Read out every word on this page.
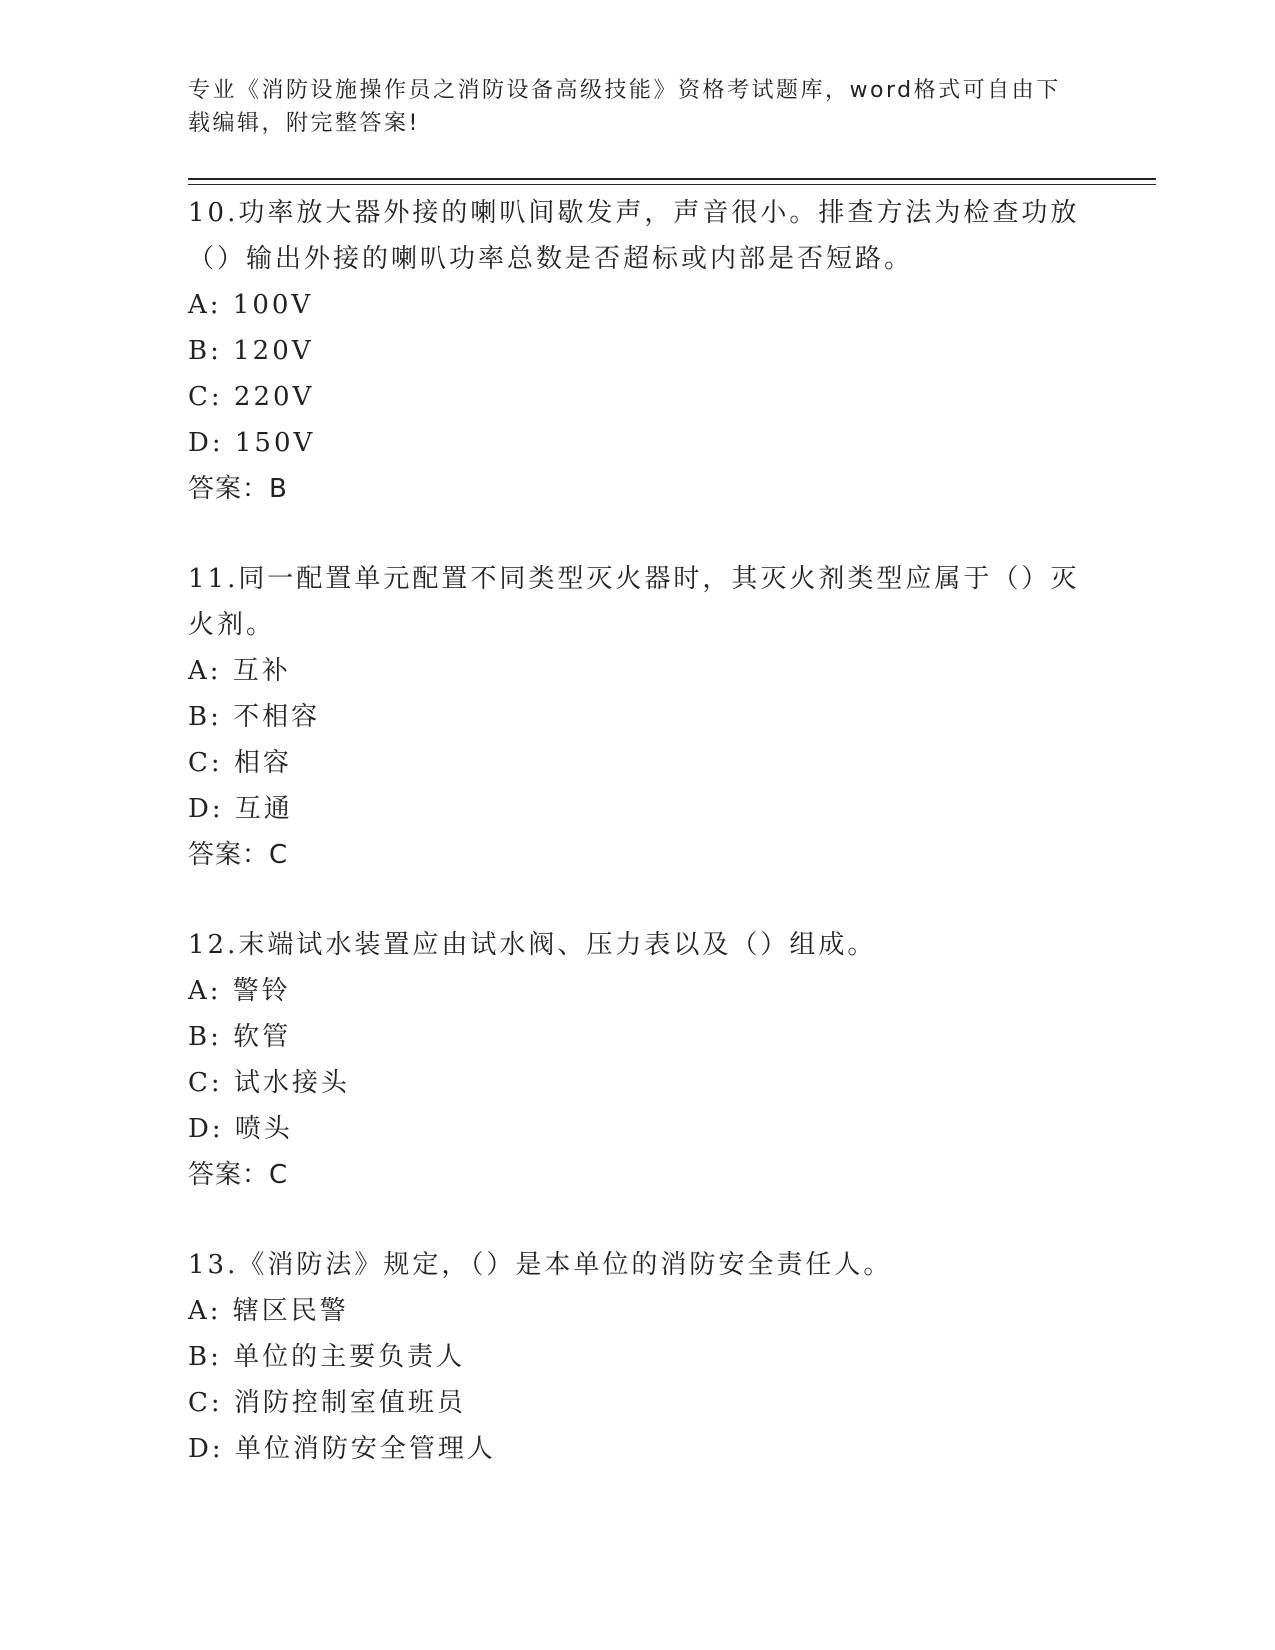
专业《消防设施操作员之消防设备高级技能》资格考试题库，word格式可自由下
载编辑，附完整答案!

10.功率放大器外接的喇叭间歇发声，声音很小。排查方法为检查功放（）输出外接的喇叭功率总数是否超标或内部是否短路。

A: 100V

B: 120V

C: 220V

D: 150V

答案：B

11.同一配置单元配置不同类型灭火器时，其灭火剂类型应属于（）灭火剂。

A: 互补

B: 不相容

C: 相容

D: 互通

答案：C

12.末端试水装置应由试水阀、压力表以及（）组成。

A: 警铃

B: 软管

C: 试水接头

D: 喷头

答案：C

13.《消防法》规定，（）是本单位的消防安全责任人。

A: 辖区民警

B: 单位的主要负责人

C: 消防控制室值班员

D: 单位消防安全管理人
